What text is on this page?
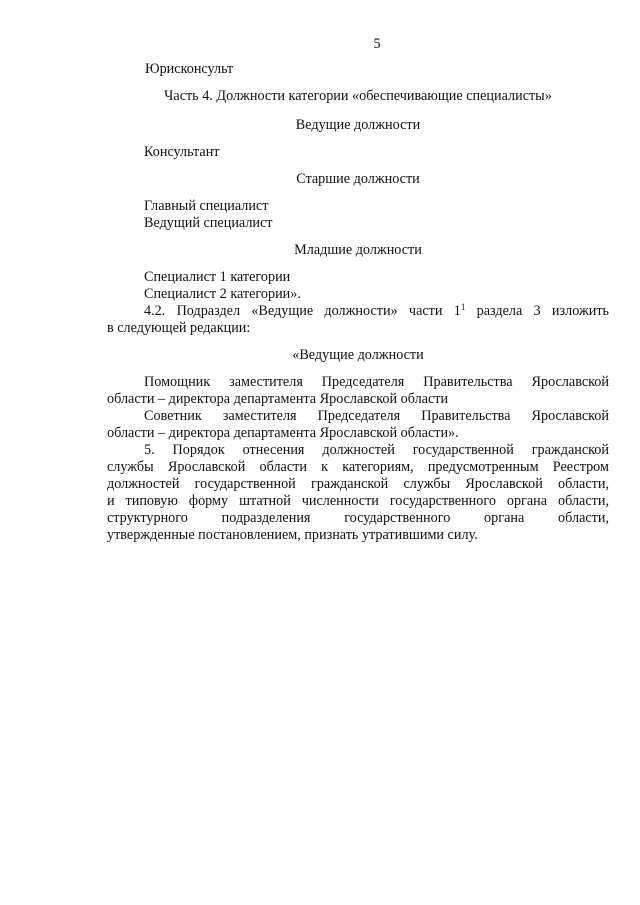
5
Юрисконсульт
Часть 4. Должности категории «обеспечивающие специалисты»
Ведущие должности
Консультант
Старшие должности
Главный специалист
Ведущий специалист
Младшие должности
Специалист 1 категории
Специалист 2 категории».
4.2. Подраздел «Ведущие должности» части $1^1$ раздела 3 изложить
в следующей редакции:
«Ведущие должности
Помощник заместителя Председателя Правительства Ярославской
области – директора департамента Ярославской области
Советник заместителя Председателя Правительства Ярославской
области – директора департамента Ярославской области».
5. Порядок отнесения должностей государственной гражданской
службы Ярославской области к категориям, предусмотренным Реестром
должностей государственной гражданской службы Ярославской области,
и типовую форму штатной численности государственного органа области,
структурного подразделения государственного органа области,
утвержденные постановлением, признать утратившими силу.
